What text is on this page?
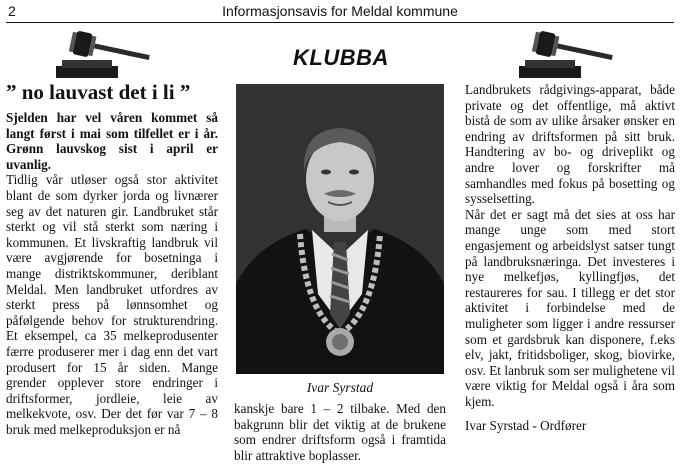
2	Informasjonsavis for Meldal kommune
KLUBBA
” no lauvast det i li ”

Sjelden har vel våren kommet så langt først i mai som tilfellet er i år. Grønn lauvskog sist i april er uvanlig.

Tidlig vår utløser også stor aktivitet blant de som dyrker jorda og livnærer seg av det naturen gir. Landbruket står sterkt og vil stå sterkt som næring i kommunen. Et livskraftig landbruk vil være avgjørende for bosetninga i mange distriktskommuner, deriblant Meldal. Men landbruket utfordres av sterkt press på lønnsomhet og påfølgende behov for strukturendring. Et eksempel, ca 35 melkeprodusenter færre produserer mer i dag enn det vart produsert for 15 år siden. Mange grender opplever store endringer i driftsformer, jordleie, leie av melkekvote, osv. Der det før var 7 – 8 bruk med melkeproduksjon er nå

Ivar Syrstad

kanskje bare 1 – 2 tilbake. Med den bakgrunn blir det viktig at de brukene som endrer driftsform også i framtida blir attraktive boplasser.

Landbrukets rådgivings-apparat, både private og det offentlige, må aktivt bistå de som av ulike årsaker ønsker en endring av driftsformen på sitt bruk. Handtering av bo- og driveplikt og andre lover og forskrifter må samhandles med fokus på bosetting og sysselsetting.

Når det er sagt må det sies at oss har mange unge som med stort engasjement og arbeidslyst satser tungt på landbruksnæringa. Det investeres i nye melkefjøs, kyllingfjøs, det restaureres for sau. I tillegg er det stor aktivitet i forbindelse med de muligheter som ligger i andre ressurser som et gardsbruk kan disponere, f.eks elv, jakt, fritidsboliger, skog, biovirke, osv. Et lanbruk som ser mulighetene vil være viktig for Meldal også i åra som kjem.

Ivar Syrstad - Ordfører
